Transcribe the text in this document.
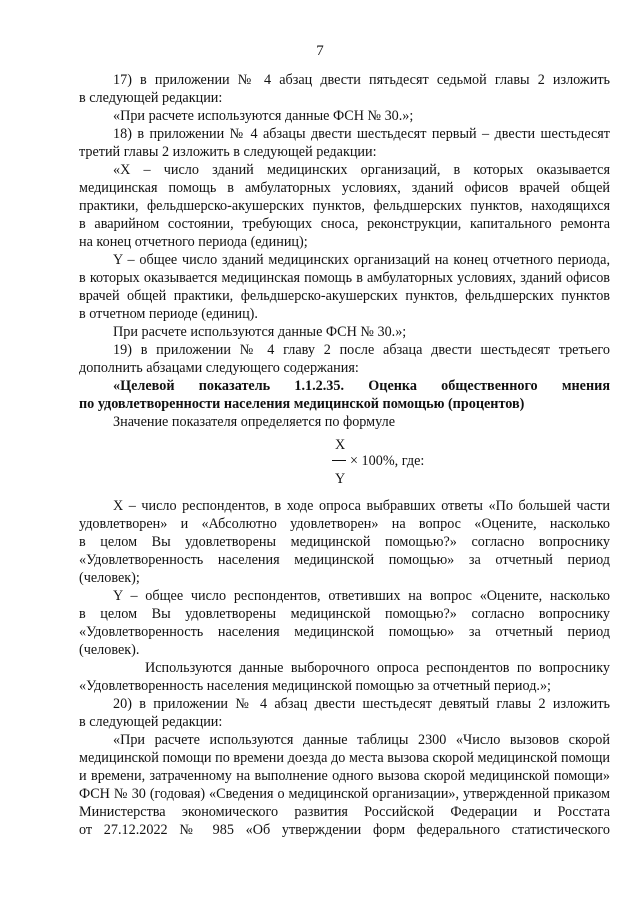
7
17) в приложении № 4 абзац двести пятьдесят седьмой главы 2 изложить
в следующей редакции:
«При расчете используются данные ФСН № 30.»;
18) в приложении № 4 абзацы двести шестьдесят первый – двести шестьдесят
третий главы 2 изложить в следующей редакции:
«X – число зданий медицинских организаций, в которых оказывается
медицинская помощь в амбулаторных условиях, зданий офисов врачей общей
практики, фельдшерско-акушерских пунктов, фельдшерских пунктов, находящихся
в аварийном состоянии, требующих сноса, реконструкции, капитального ремонта
на конец отчетного периода (единиц);
Y – общее число зданий медицинских организаций на конец отчетного периода,
в которых оказывается медицинская помощь в амбулаторных условиях, зданий офисов
врачей общей практики, фельдшерско-акушерских пунктов, фельдшерских пунктов
в отчетном периоде (единиц).
При расчете используются данные ФСН № 30.»;
19) в приложении № 4 главу 2 после абзаца двести шестьдесят третьего
дополнить абзацами следующего содержания:
«Целевой показатель 1.1.2.35. Оценка общественного мнения
по удовлетворенности населения медицинской помощью (процентов)
Значение показателя определяется по формуле
X
× 100%, где:
Y
X – число респондентов, в ходе опроса выбравших ответы «По большей части
удовлетворен» и «Абсолютно удовлетворен» на вопрос «Оцените, насколько
в целом Вы удовлетворены медицинской помощью?» согласно вопроснику
«Удовлетворенность населения медицинской помощью» за отчетный период
(человек);
Y – общее число респондентов, ответивших на вопрос «Оцените, насколько
в целом Вы удовлетворены медицинской помощью?» согласно вопроснику
«Удовлетворенность населения медицинской помощью» за отчетный период
(человек).
Используются данные выборочного опроса респондентов по вопроснику
«Удовлетворенность населения медицинской помощью за отчетный период.»;
20) в приложении № 4 абзац двести шестьдесят девятый главы 2 изложить
в следующей редакции:
«При расчете используются данные таблицы 2300 «Число вызовов скорой
медицинской помощи по времени доезда до места вызова скорой медицинской помощи
и времени, затраченному на выполнение одного вызова скорой медицинской помощи»
ФСН № 30 (годовая) «Сведения о медицинской организации», утвержденной приказом
Министерства экономического развития Российской Федерации и Росстата
от 27.12.2022 № 985 «Об утверждении форм федерального статистического
